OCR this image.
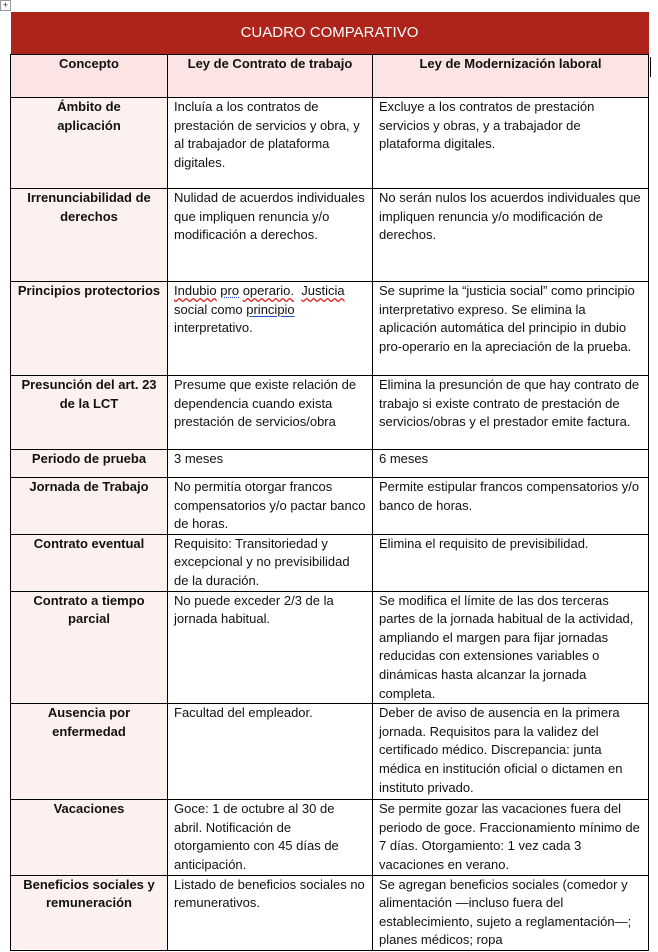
+
CUADRO COMPARATIVO		
Concepto	Ley de Contrato de trabajo	Ley de Modernización laboral
Ámbito de aplicación	Incluía a los contratos de prestación de servicios y obra, y al trabajador de plataforma digitales.	Excluye a los contratos de prestación servicios y obras, y a trabajador de plataforma digitales.
Irrenunciabilidad de derechos	Nulidad de acuerdos individuales que impliquen renuncia y/o modificación a derechos.	No serán nulos los acuerdos individuales que impliquen renuncia y/o modificación de derechos.
Principios protectorios	Indubio pro operario. Justicia social como principio interpretativo.	Se suprime la “justicia social” como principio interpretativo expreso. Se elimina la aplicación automática del principio in dubio pro-operario en la apreciación de la prueba.
Presunción del art. 23 de la LCT	Presume que existe relación de dependencia cuando exista prestación de servicios/obra	Elimina la presunción de que hay contrato de trabajo si existe contrato de prestación de servicios/obras y el prestador emite factura.
Periodo de prueba	3 meses	6 meses
Jornada de Trabajo	No permitía otorgar francos compensatorios y/o pactar banco de horas.	Permite estipular francos compensatorios y/o banco de horas.
Contrato eventual	Requisito: Transitoriedad y excepcional y no previsibilidad de la duración.	Elimina el requisito de previsibilidad.
Contrato a tiempo parcial	No puede exceder 2/3 de la jornada habitual.	Se modifica el límite de las dos terceras partes de la jornada habitual de la actividad, ampliando el margen para fijar jornadas reducidas con extensiones variables o dinámicas hasta alcanzar la jornada completa.
Ausencia por enfermedad	Facultad del empleador.	Deber de aviso de ausencia en la primera jornada. Requisitos para la validez del certificado médico. Discrepancia: junta médica en institución oficial o dictamen en instituto privado.
Vacaciones	Goce: 1 de octubre al 30 de abril. Notificación de otorgamiento con 45 días de anticipación.	Se permite gozar las vacaciones fuera del periodo de goce. Fraccionamiento mínimo de 7 días. Otorgamiento: 1 vez cada 3 vacaciones en verano.
Beneficios sociales y remuneración	Listado de beneficios sociales no remunerativos.	Se agregan beneficios sociales (comedor y alimentación —incluso fuera del establecimiento, sujeto a reglamentación—; planes médicos; ropa
